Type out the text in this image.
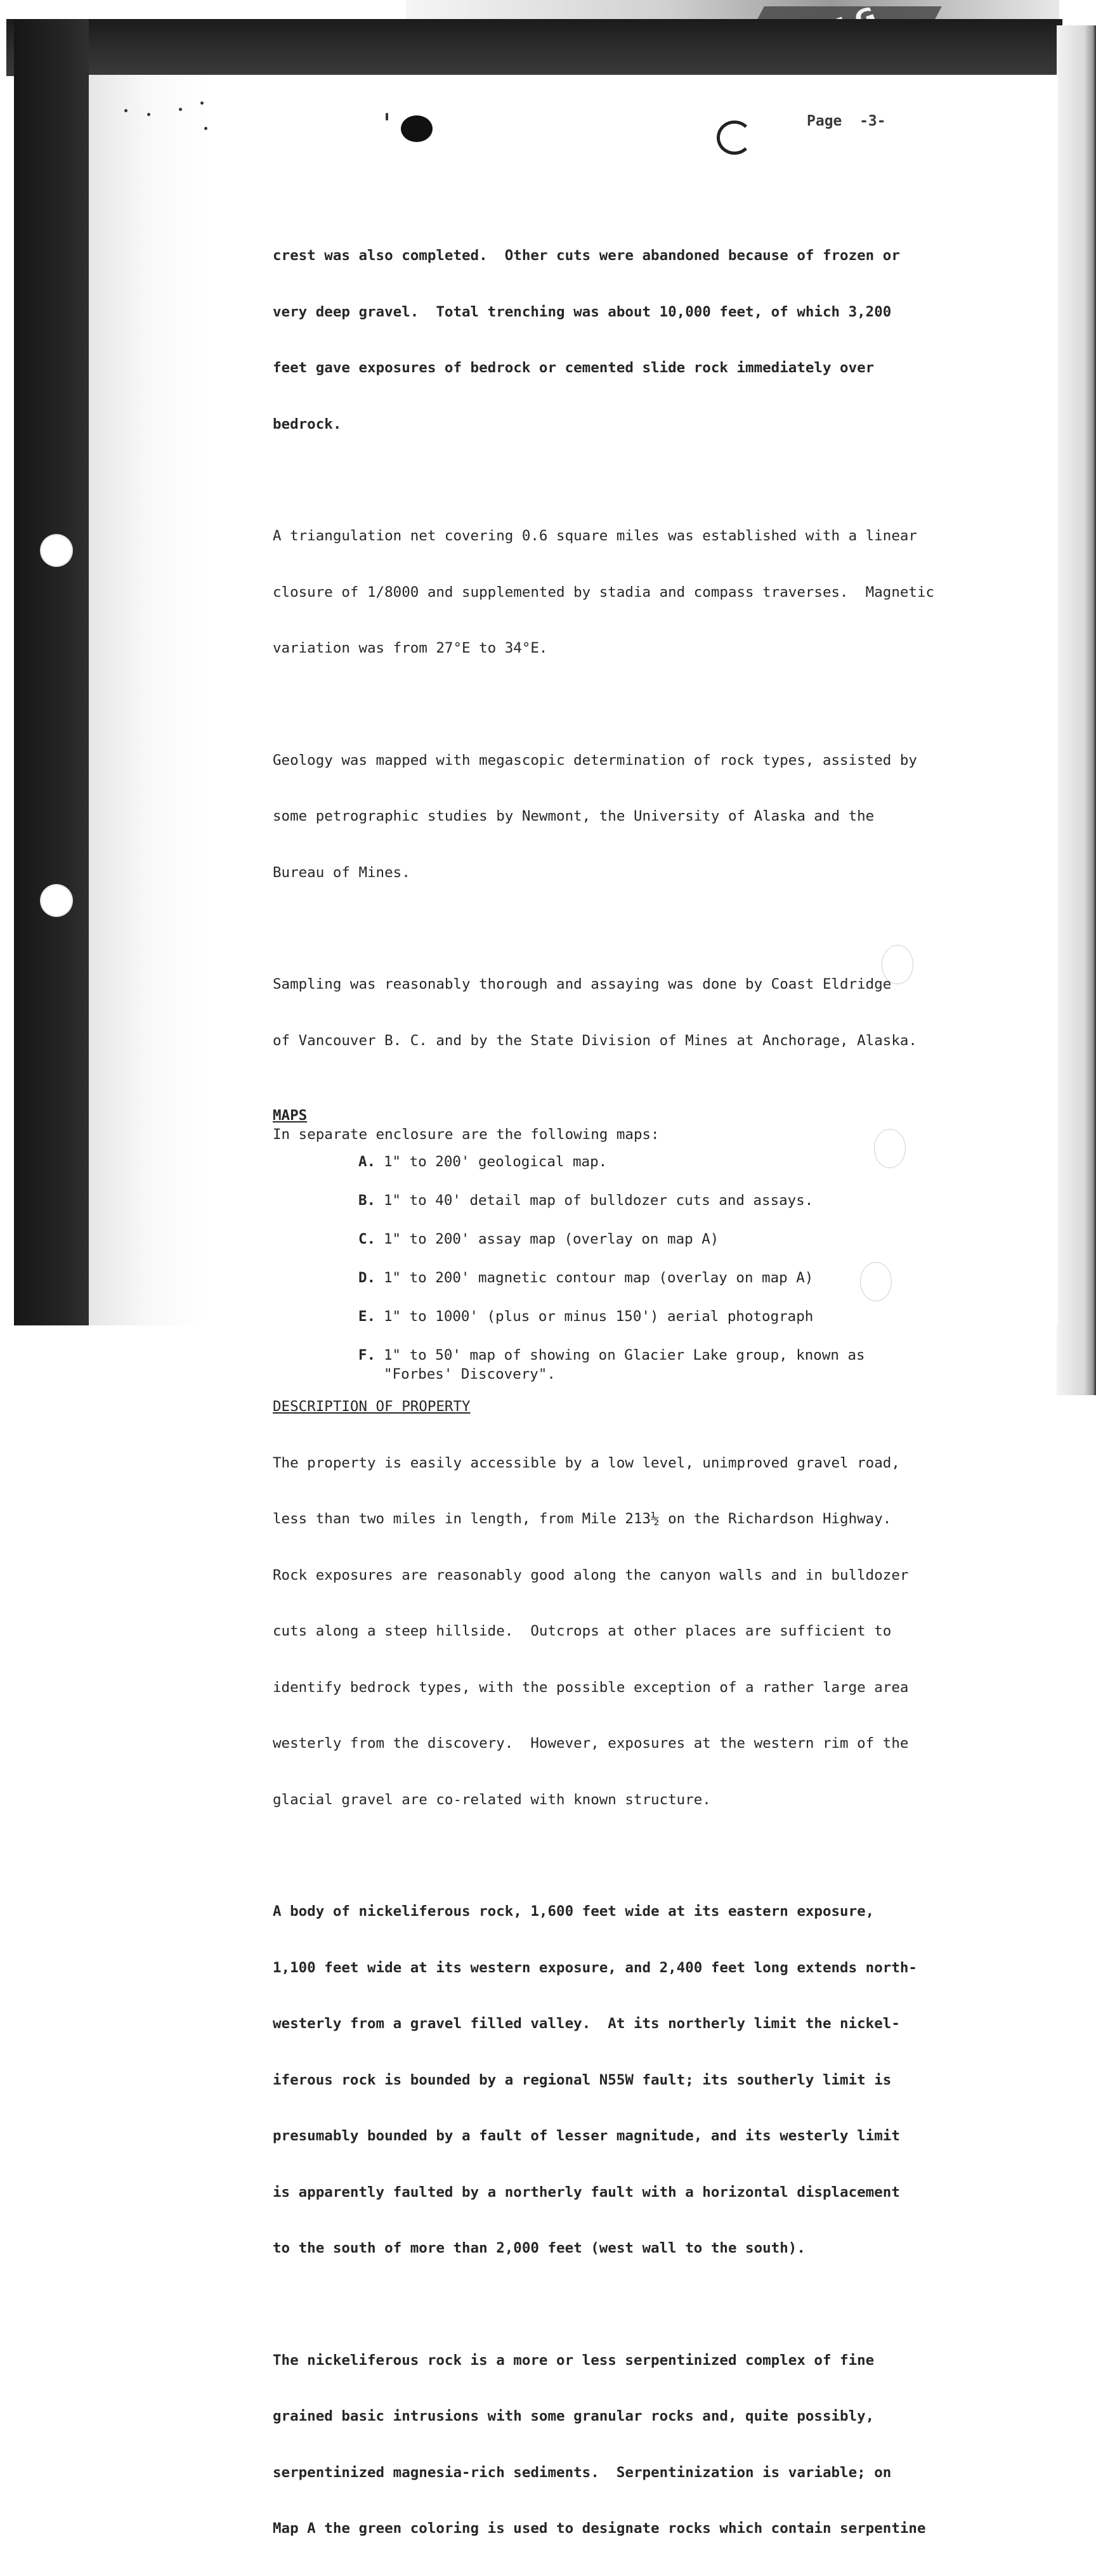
Page  -3-

crest was also completed.  Other cuts were abandoned because of frozen or

very deep gravel.  Total trenching was about 10,000 feet, of which 3,200

feet gave exposures of bedrock or cemented slide rock immediately over

bedrock.

A triangulation net covering 0.6 square miles was established with a linear

closure of 1/8000 and supplemented by stadia and compass traverses.  Magnetic

variation was from 27°E to 34°E.

Geology was mapped with megascopic determination of rock types, assisted by

some petrographic studies by Newmont, the University of Alaska and the

Bureau of Mines.

Sampling was reasonably thorough and assaying was done by Coast Eldridge

of Vancouver B. C. and by the State Division of Mines at Anchorage, Alaska.

MAPS
In separate enclosure are the following maps:
A. 1" to 200' geological map.
B. 1" to 40' detail map of bulldozer cuts and assays.
C. 1" to 200' assay map (overlay on map A)
D. 1" to 200' magnetic contour map (overlay on map A)
E. 1" to 1000' (plus or minus 150') aerial photograph
F. 1" to 50' map of showing on Glacier Lake group, known as
"Forbes' Discovery".
DESCRIPTION OF PROPERTY

The property is easily accessible by a low level, unimproved gravel road,

less than two miles in length, from Mile 213½ on the Richardson Highway.

Rock exposures are reasonably good along the canyon walls and in bulldozer

cuts along a steep hillside.  Outcrops at other places are sufficient to

identify bedrock types, with the possible exception of a rather large area

westerly from the discovery.  However, exposures at the western rim of the

glacial gravel are co-related with known structure.

A body of nickeliferous rock, 1,600 feet wide at its eastern exposure,

1,100 feet wide at its western exposure, and 2,400 feet long extends north-

westerly from a gravel filled valley.  At its northerly limit the nickel-

iferous rock is bounded by a regional N55W fault; its southerly limit is

presumably bounded by a fault of lesser magnitude, and its westerly limit

is apparently faulted by a northerly fault with a horizontal displacement

to the south of more than 2,000 feet (west wall to the south).

The nickeliferous rock is a more or less serpentinized complex of fine

grained basic intrusions with some granular rocks and, quite possibly,

serpentinized magnesia-rich sediments.  Serpentinization is variable; on

Map A the green coloring is used to designate rocks which contain serpentine
